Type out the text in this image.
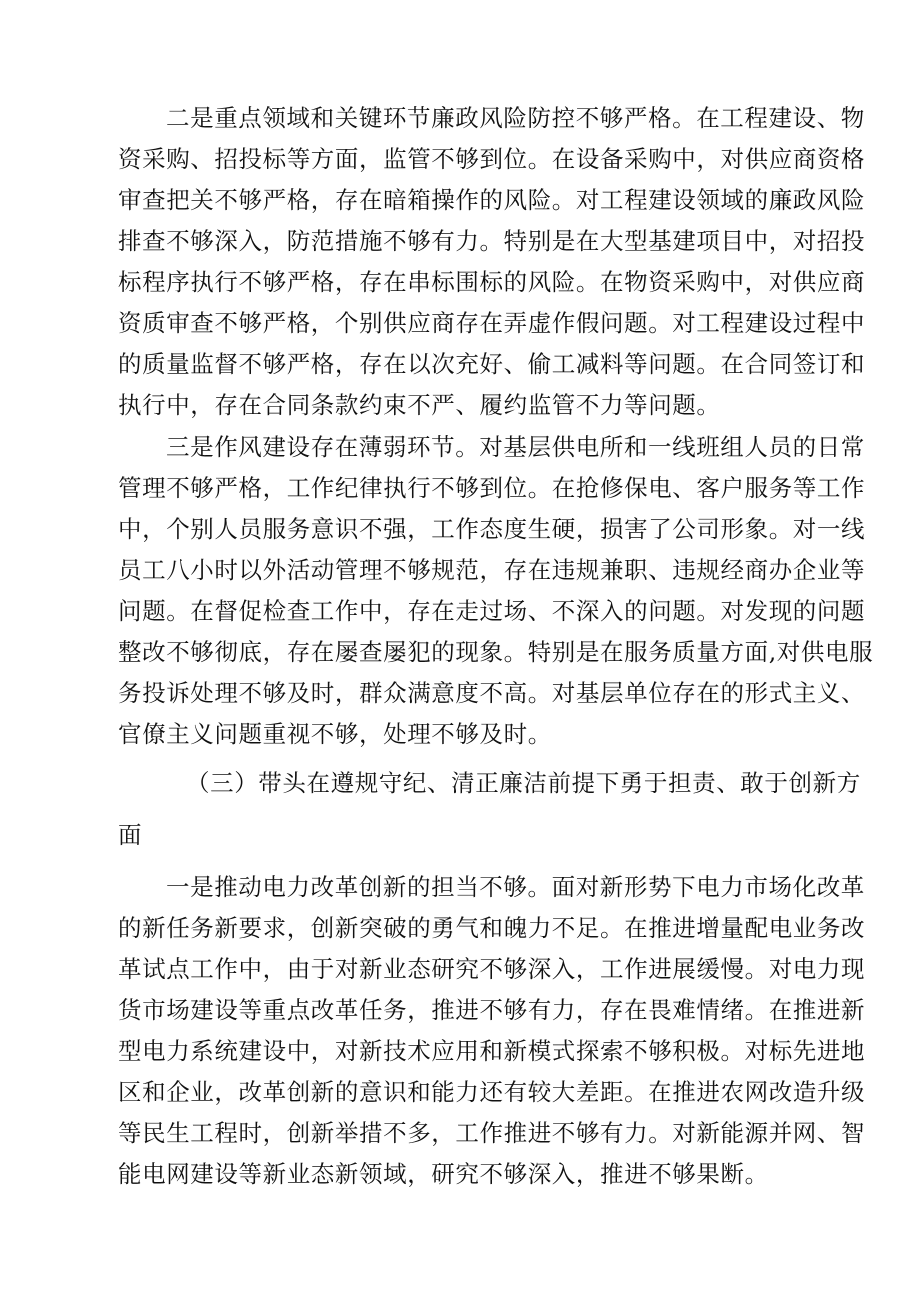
二是重点领域和关键环节廉政风险防控不够严格。在工程建设、物
资采购、招投标等方面，监管不够到位。在设备采购中，对供应商资格
审查把关不够严格，存在暗箱操作的风险。对工程建设领域的廉政风险
排查不够深入，防范措施不够有力。特别是在大型基建项目中，对招投
标程序执行不够严格，存在串标围标的风险。在物资采购中，对供应商
资质审查不够严格，个别供应商存在弄虚作假问题。对工程建设过程中
的质量监督不够严格，存在以次充好、偷工减料等问题。在合同签订和
执行中，存在合同条款约束不严、履约监管不力等问题。
三是作风建设存在薄弱环节。对基层供电所和一线班组人员的日常
管理不够严格，工作纪律执行不够到位。在抢修保电、客户服务等工作
中，个别人员服务意识不强，工作态度生硬，损害了公司形象。对一线
员工八小时以外活动管理不够规范，存在违规兼职、违规经商办企业等
问题。在督促检查工作中，存在走过场、不深入的问题。对发现的问题
整改不够彻底，存在屡查屡犯的现象。特别是在服务质量方面,对供电服
务投诉处理不够及时，群众满意度不高。对基层单位存在的形式主义、
官僚主义问题重视不够，处理不够及时。
（三）带头在遵规守纪、清正廉洁前提下勇于担责、敢于创新方
面
一是推动电力改革创新的担当不够。面对新形势下电力市场化改革
的新任务新要求，创新突破的勇气和魄力不足。在推进增量配电业务改
革试点工作中，由于对新业态研究不够深入，工作进展缓慢。对电力现
货市场建设等重点改革任务，推进不够有力，存在畏难情绪。在推进新
型电力系统建设中，对新技术应用和新模式探索不够积极。对标先进地
区和企业，改革创新的意识和能力还有较大差距。在推进农网改造升级
等民生工程时，创新举措不多，工作推进不够有力。对新能源并网、智
能电网建设等新业态新领域，研究不够深入，推进不够果断。
